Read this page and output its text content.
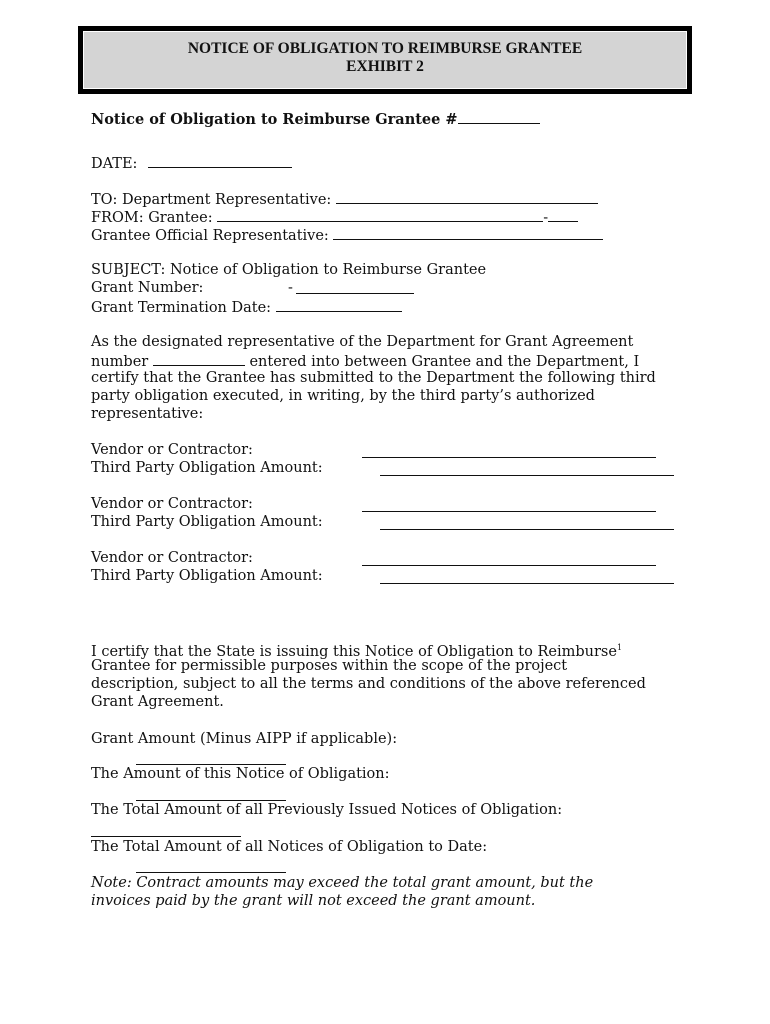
NOTICE OF OBLIGATION TO REIMBURSE GRANTEE
EXHIBIT 2
Notice of Obligation to Reimburse Grantee #
DATE:
TO: Department Representative:
FROM: Grantee:	-
Grantee Official Representative:
SUBJECT: Notice of Obligation to Reimburse Grantee
Grant Number:	-
Grant Termination Date:
As the designated representative of the Department for Grant Agreement
number	entered into between Grantee and the Department, I
certify that the Grantee has submitted to the Department the following third
party obligation executed, in writing, by the third party’s authorized
representative:
Vendor or Contractor:
Third Party Obligation Amount:
Vendor or Contractor:
Third Party Obligation Amount:
Vendor or Contractor:
Third Party Obligation Amount:
I certify that the State is issuing this Notice of Obligation to Reimburse$^1$
Grantee for permissible purposes within the scope of the project
description, subject to all the terms and conditions of the above referenced
Grant Agreement.
Grant Amount (Minus AIPP if applicable):
The Amount of this Notice of Obligation:
The Total Amount of all Previously Issued Notices of Obligation:
The Total Amount of all Notices of Obligation to Date:
Note: Contract amounts may exceed the total grant amount, but the
invoices paid by the grant will not exceed the grant amount.
